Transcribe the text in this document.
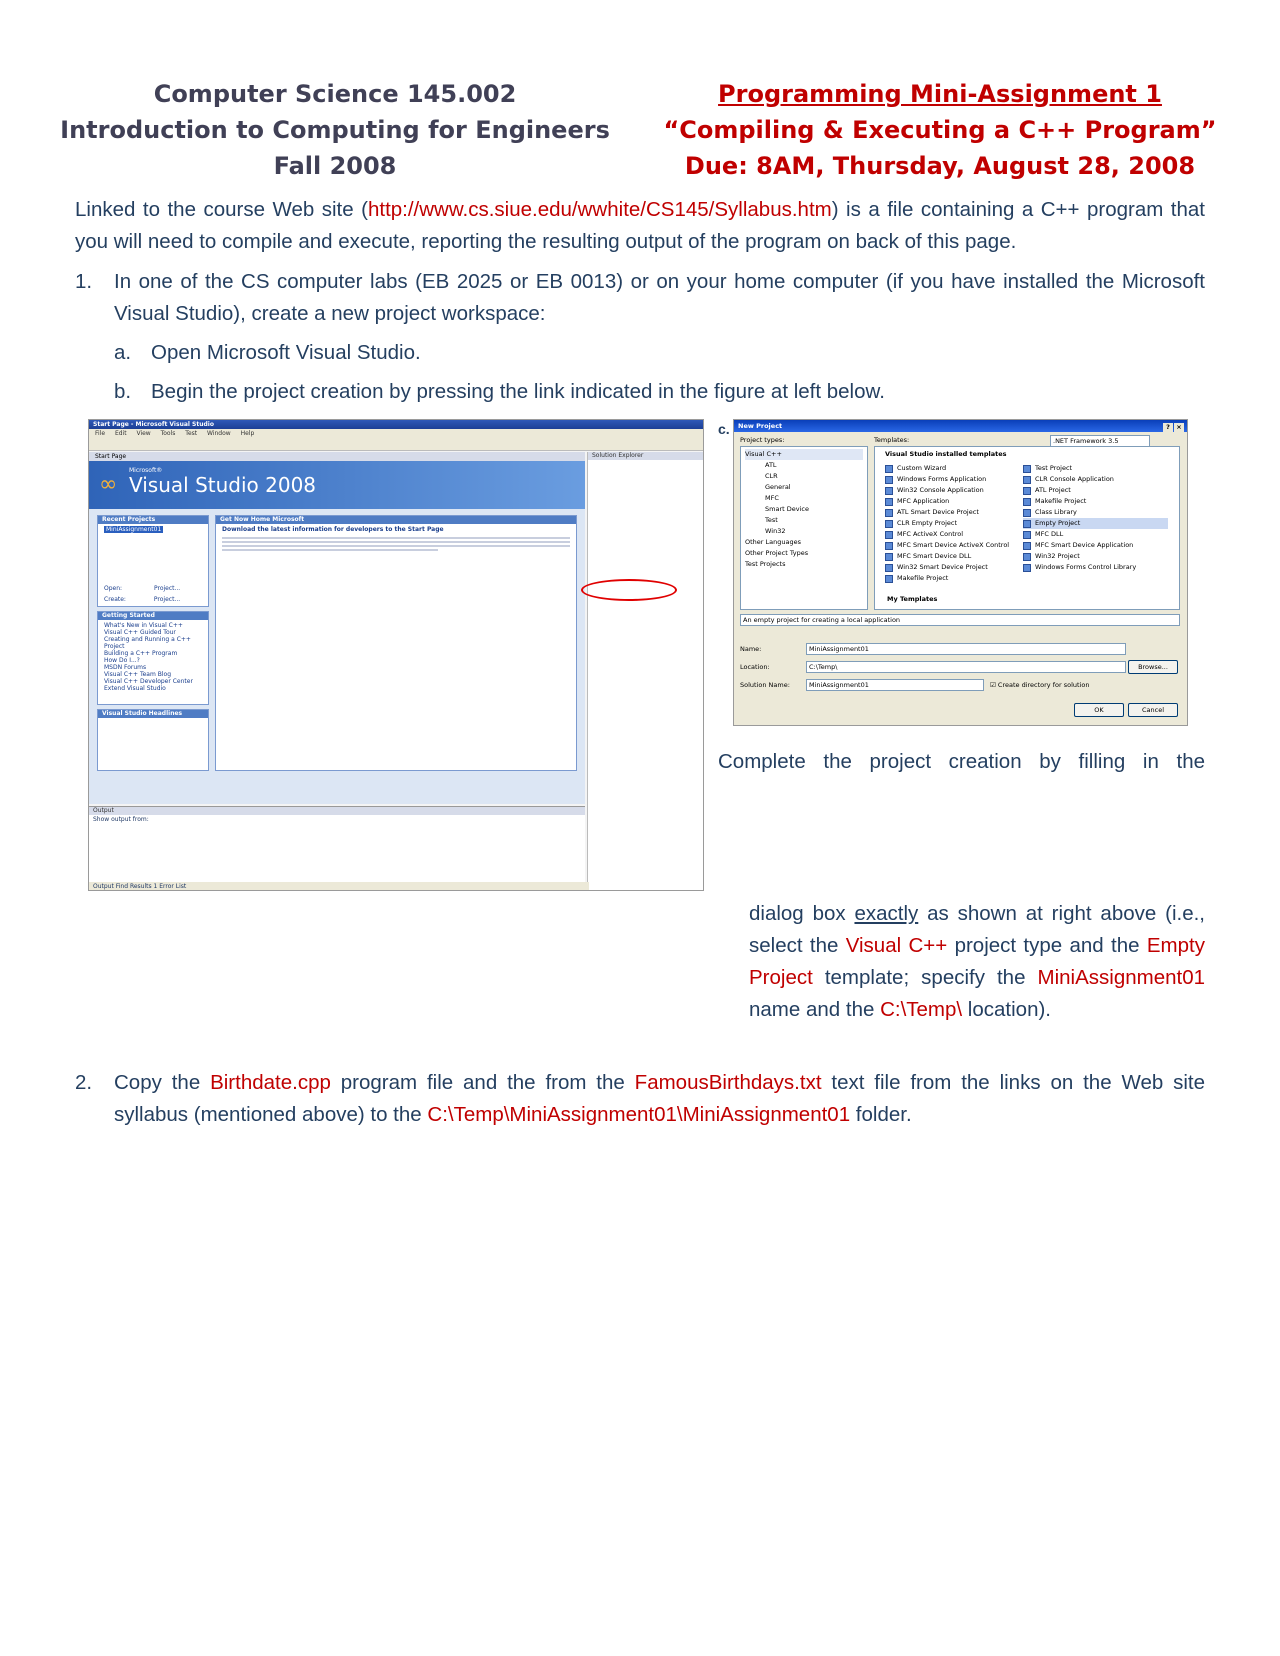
Computer Science 145.002
Introduction to Computing for Engineers
Fall 2008
Programming Mini-Assignment 1
“Compiling & Executing a C++ Program”
Due: 8AM, Thursday, August 28, 2008
Linked to the course Web site (http://www.cs.siue.edu/wwhite/CS145/Syllabus.htm) is a file containing a C++ program that you will need to compile and execute, reporting the resulting output of the program on back of this page.
1. In one of the CS computer labs (EB 2025 or EB 0013) or on your home computer (if you have installed the Microsoft Visual Studio), create a new project workspace:
a. Open Microsoft Visual Studio.
b. Begin the project creation by pressing the link indicated in the figure at left below.
Start Page - Microsoft Visual Studio
File Edit View Tools Test Window Help
Start Page
∞
Microsoft®
Visual Studio 2008
Recent Projects
MiniAssignment01
Open:	Project...
Create:	Project...
Getting Started
What's New in Visual C++
Visual C++ Guided Tour
Creating and Running a C++ Project
Building a C++ Program
How Do I...?
MSDN Forums
Visual C++ Team Blog
Visual C++ Developer Center
Extend Visual Studio
Visual Studio Headlines
Get Now Home Microsoft
Download the latest information for developers to the Start Page
Solution Explorer
Output
Show output from:
Output Find Results 1 Error List
c.	New Project	? ×
Project types:	Templates:	.NET Framework 3.5
Visual C++
ATL
CLR
General
MFC
Smart Device
Test
Win32
Other Languages
Other Project Types
Test Projects
Visual Studio installed templates
Custom Wizard
Windows Forms Application
Win32 Console Application
MFC Application
ATL Smart Device Project
CLR Empty Project
MFC ActiveX Control
MFC Smart Device ActiveX Control
MFC Smart Device DLL
Win32 Smart Device Project
Makefile Project
Test Project
CLR Console Application
ATL Project
Makefile Project
Class Library
Empty Project
MFC DLL
MFC Smart Device Application
Win32 Project
Windows Forms Control Library
My Templates
An empty project for creating a local application
Name:	MiniAssignment01
Location:	C:\Temp\	Browse...
Solution Name:	MiniAssignment01	☑ Create directory for solution
OK	Cancel
Complete the project creation by filling in the
dialog box exactly as shown at right above (i.e., select the Visual C++ project type and the Empty Project template; specify the MiniAssignment01 name and the C:\Temp\ location).
2. Copy the Birthdate.cpp program file and the from the FamousBirthdays.txt text file from the links on the Web site syllabus (mentioned above) to the C:\Temp\MiniAssignment01\MiniAssignment01 folder.
